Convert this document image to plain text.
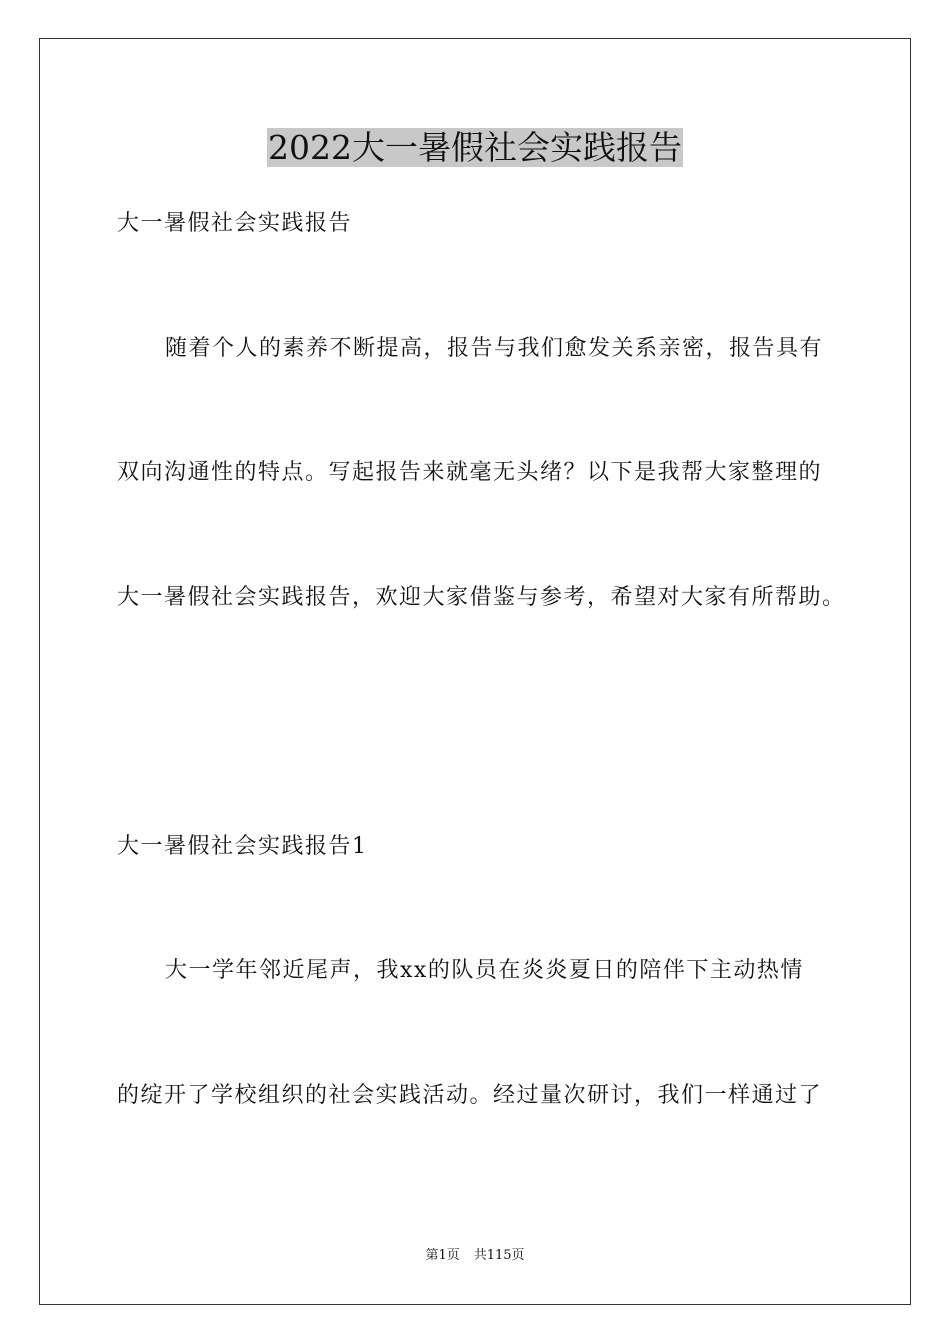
2022大一暑假社会实践报告
大一暑假社会实践报告
随着个人的素养不断提高，报告与我们愈发关系亲密，报告具有
双向沟通性的特点。写起报告来就毫无头绪？以下是我帮大家整理的
大一暑假社会实践报告，欢迎大家借鉴与参考，希望对大家有所帮助。
大一暑假社会实践报告1
大一学年邻近尾声，我xx的队员在炎炎夏日的陪伴下主动热情
的绽开了学校组织的社会实践活动。经过量次研讨，我们一样通过了
第1页 共115页
